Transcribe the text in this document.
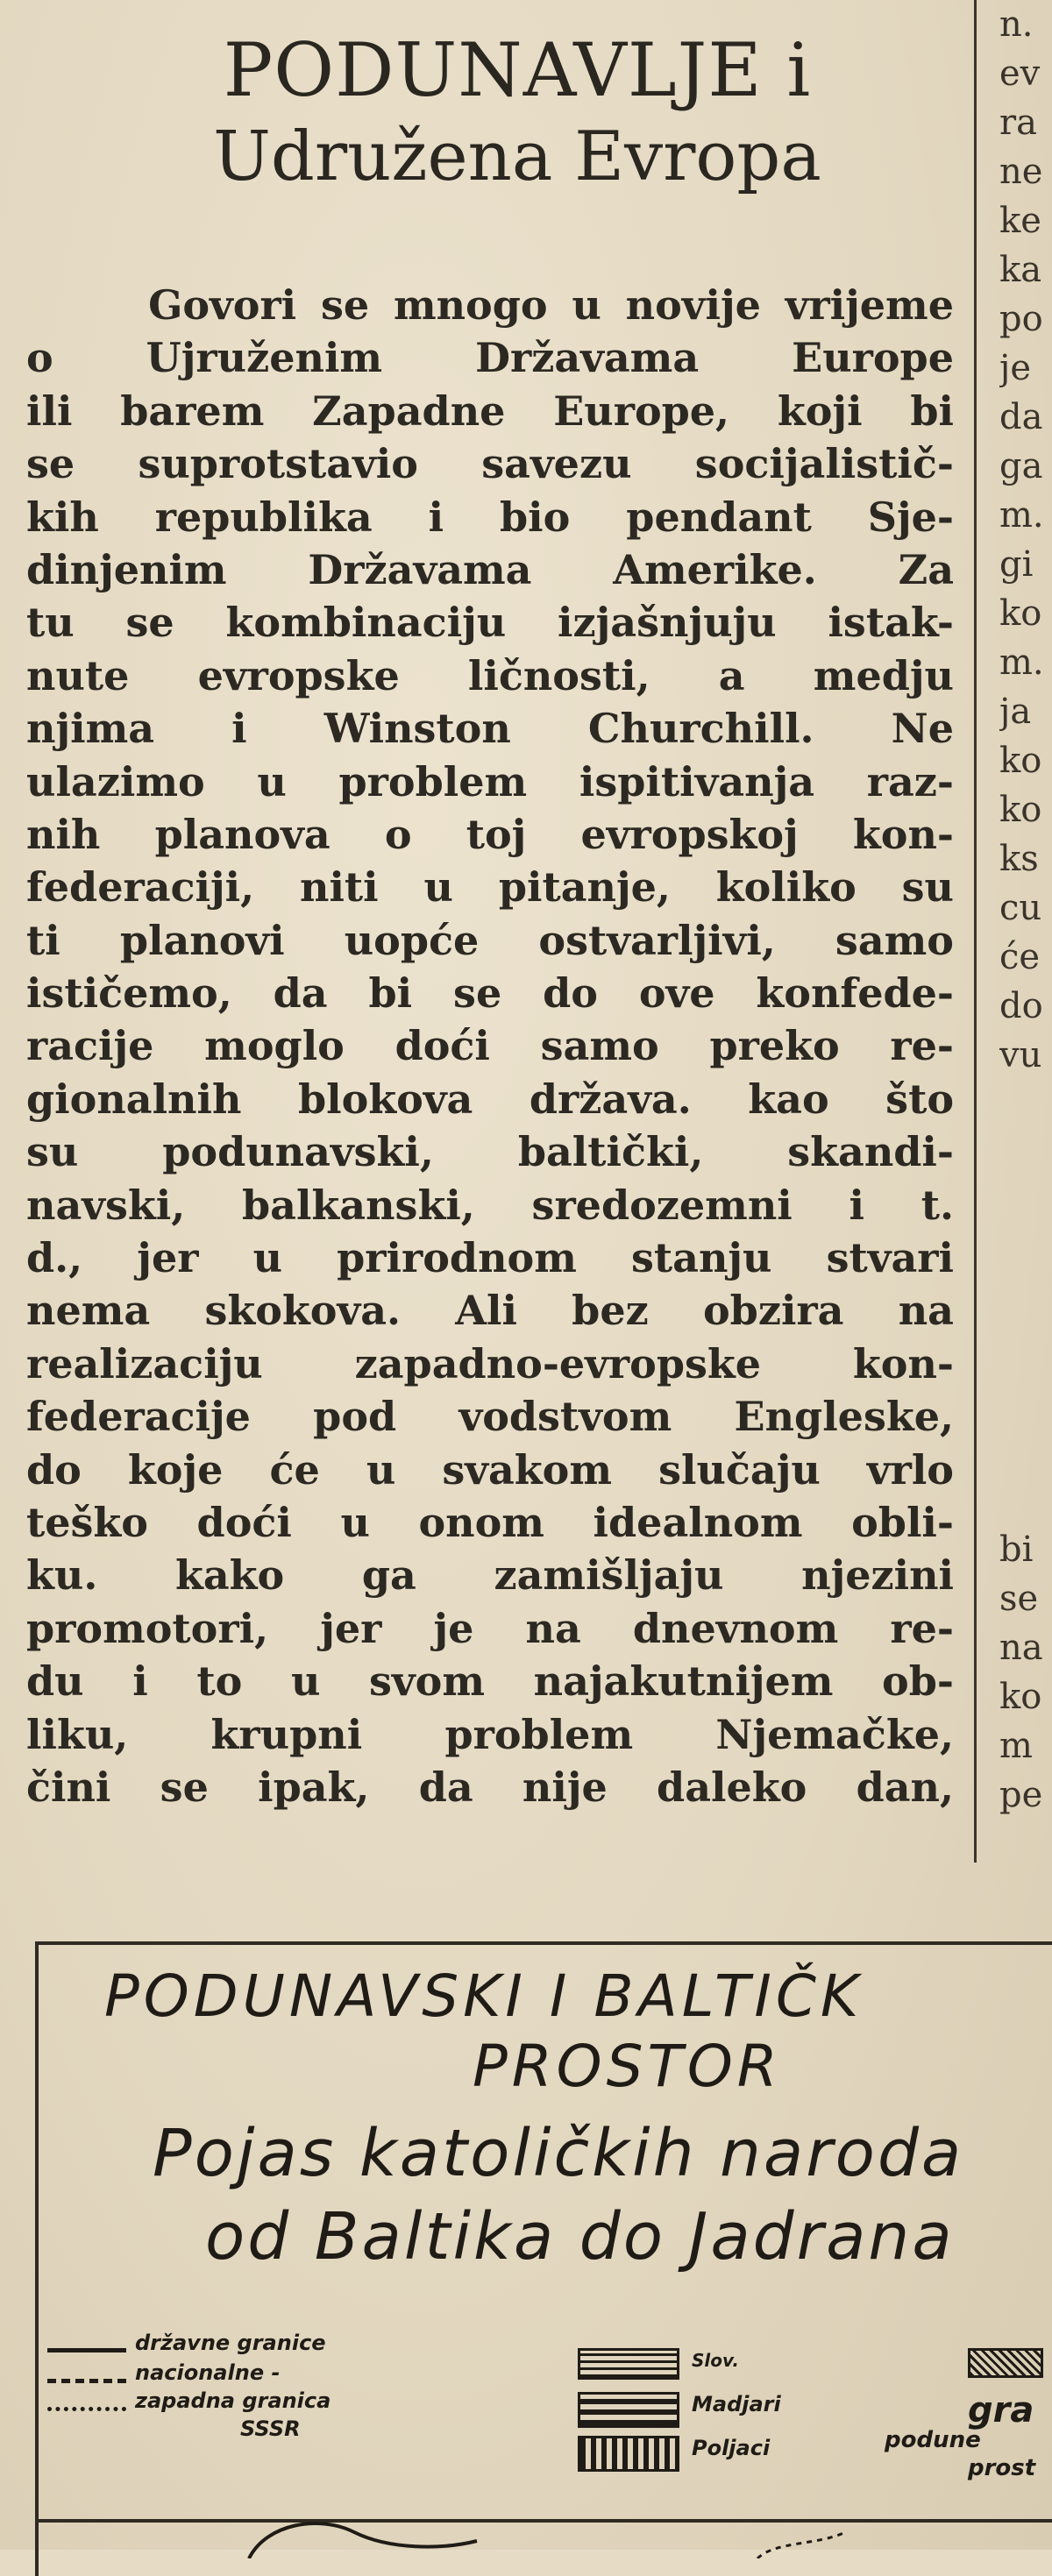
PODUNAVLJE i
Udružena Evropa
Govori se mnogo u novije vrijeme
o Ujruženim Državama Europe
ili barem Zapadne Europe, koji bi
se suprotstavio savezu socijalistič-
kih republika i bio pendant Sje-
dinjenim Državama Amerike. Za
tu se kombinaciju izjašnjuju istak-
nute evropske ličnosti, a medju
njima i Winston Churchill. Ne
ulazimo u problem ispitivanja raz-
nih planova o toj evropskoj kon-
federaciji, niti u pitanje, koliko su
ti planovi uopće ostvarljivi, samo
ističemo, da bi se do ove konfede-
racije moglo doći samo preko re-
gionalnih blokova država. kao što
su podunavski, baltički, skandi-
navski, balkanski, sredozemni i t.
d., jer u prirodnom stanju stvari
nema skokova. Ali bez obzira na
realizaciju zapadno-evropske kon-
federacije pod vodstvom Engleske,
do koje će u svakom slučaju vrlo
teško doći u onom idealnom obli-
ku. kako ga zamišljaju njezini
promotori, jer je na dnevnom re-
du i to u svom najakutnijem ob-
liku, krupni problem Njemačke,
čini se ipak, da nije daleko dan,
n.
ev
ra
ne
ke
ka
po
je
da
ga
m.
gi
ko
m.
ja
ko
ko
ks
cu
će
do
vu
bi
se
na
ko
m
pe
PODUNAVSKI I BALTIČK
PROSTOR
Pojas katoličkih naroda
od Baltika do Jadrana
državne granice
nacionalne -
zapadna granica
SSSR
Slov.
Madjari
Poljaci
gra
podune
prost
